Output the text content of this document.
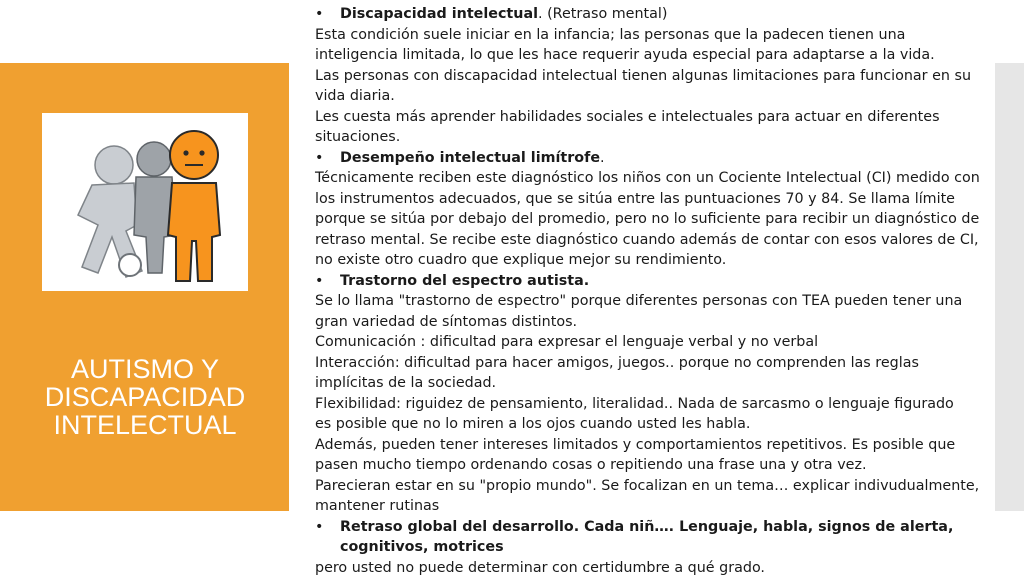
AUTISMO Y DISCAPACIDAD INTELECTUAL

• Discapacidad intelectual. (Retraso mental)

Esta condición suele iniciar en la infancia; las personas que la padecen tienen una inteligencia limitada, lo que les hace requerir ayuda especial para adaptarse a la vida.

Las personas con discapacidad intelectual tienen algunas limitaciones para funcionar en su vida diaria.

Les cuesta más aprender habilidades sociales e intelectuales para actuar en diferentes situaciones.

• Desempeño intelectual limítrofe.

Técnicamente reciben este diagnóstico los niños con un Cociente Intelectual (CI) medido con los instrumentos adecuados, que se sitúa entre las puntuaciones 70 y 84. Se llama límite porque se sitúa por debajo del promedio, pero no lo suficiente para recibir un diagnóstico de retraso mental. Se recibe este diagnóstico cuando además de contar con esos valores de CI, no existe otro cuadro que explique mejor su rendimiento.

• Trastorno del espectro autista.

Se lo llama "trastorno de espectro" porque diferentes personas con TEA pueden tener una gran variedad de síntomas distintos.

Comunicación : dificultad para expresar el lenguaje verbal y no verbal

Interacción: dificultad para hacer amigos, juegos.. porque no comprenden las reglas implícitas de la sociedad.

Flexibilidad: riguidez de pensamiento, literalidad.. Nada de sarcasmo o lenguaje figurado

es posible que no lo miren a los ojos cuando usted les habla.

Además, pueden tener intereses limitados y comportamientos repetitivos. Es posible que pasen mucho tiempo ordenando cosas o repitiendo una frase una y otra vez.

Parecieran estar en su "propio mundo". Se focalizan en un tema… explicar indivudualmente, mantener rutinas

• Retraso global del desarrollo. Cada niñ…. Lenguaje, habla, signos de alerta, cognitivos, motrices

pero usted no puede determinar con certidumbre a qué grado.
